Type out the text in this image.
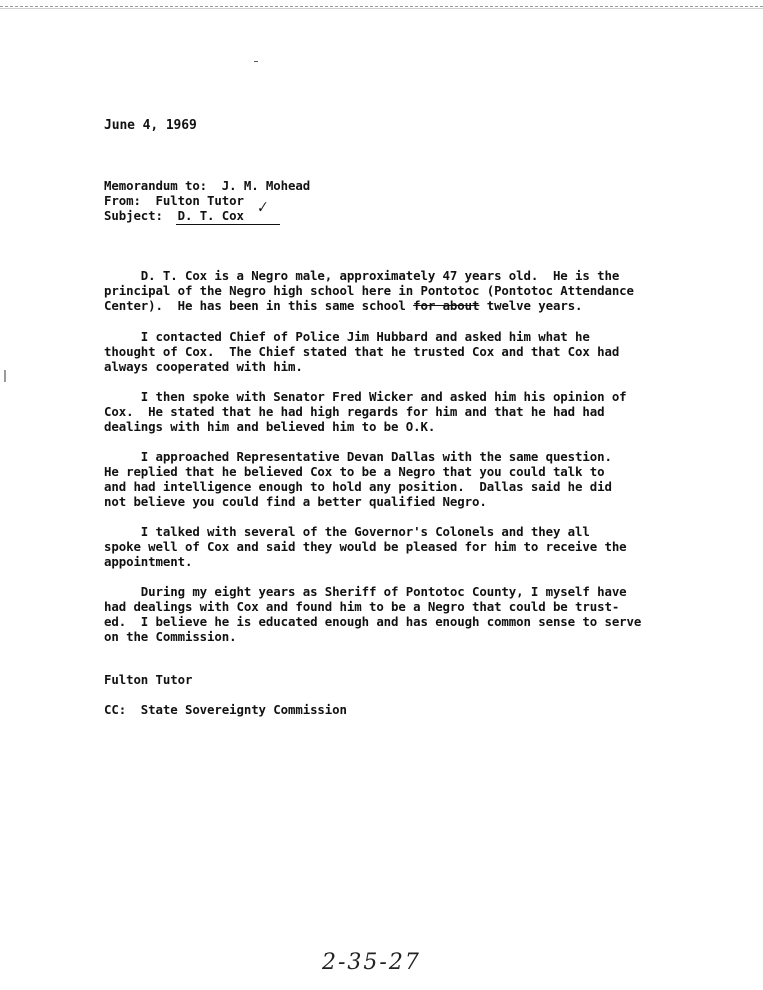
June 4, 1969
Memorandum to:  J. M. Mohead
From:  Fulton Tutor
Subject:  D. T. Cox ✓
D. T. Cox is a Negro male, approximately 47 years old.  He is the
principal of the Negro high school here in Pontotoc (Pontotoc Attendance
Center).  He has been in this same school for about twelve years.
I contacted Chief of Police Jim Hubbard and asked him what he
thought of Cox.  The Chief stated that he trusted Cox and that Cox had
always cooperated with him.
I then spoke with Senator Fred Wicker and asked him his opinion of
Cox.  He stated that he had high regards for him and that he had had
dealings with him and believed him to be O.K.
I approached Representative Devan Dallas with the same question.
He replied that he believed Cox to be a Negro that you could talk to
and had intelligence enough to hold any position.  Dallas said he did
not believe you could find a better qualified Negro.
I talked with several of the Governor's Colonels and they all
spoke well of Cox and said they would be pleased for him to receive the
appointment.
During my eight years as Sheriff of Pontotoc County, I myself have
had dealings with Cox and found him to be a Negro that could be trust-
ed.  I believe he is educated enough and has enough common sense to serve
on the Commission.
Fulton Tutor
CC:  State Sovereignty Commission
2-35-27
